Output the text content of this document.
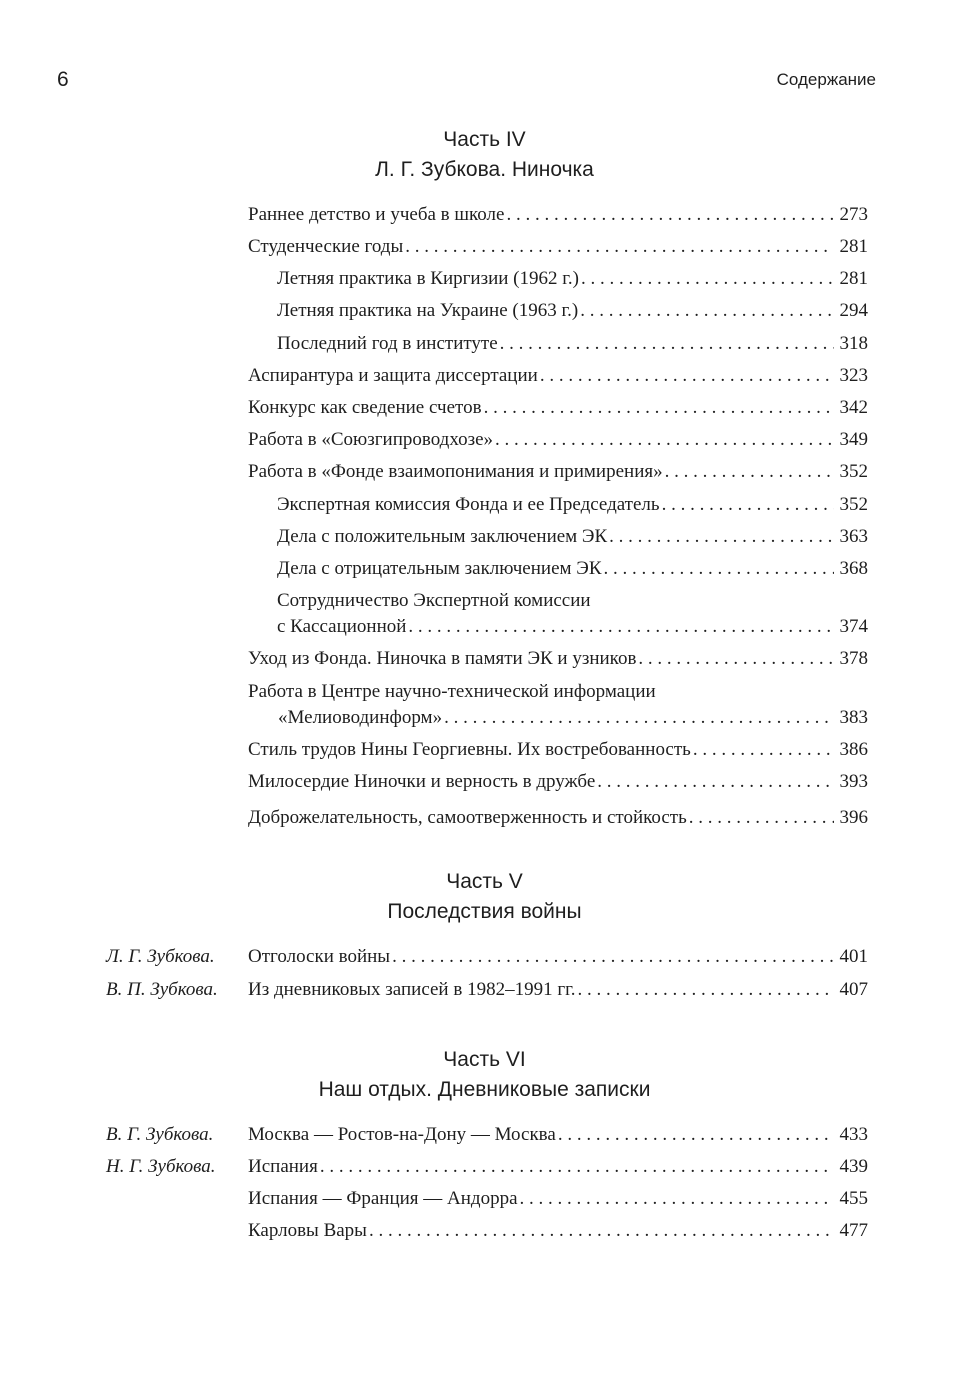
6	Содержание
Часть IV
Л. Г. Зубкова. Ниночка
Раннее детство и учеба в школе . . .	273
Студенческие годы . . .	281
Летняя практика в Киргизии (1962 г.) . . .	281
Летняя практика на Украине (1963 г.) . . .	294
Последний год в институте . . .	318
Аспирантура и защита диссертации . . .	323
Конкурс как сведение счетов . . .	342
Работа в «Союзгипроводхозе» . . .	349
Работа в «Фонде взаимопонимания и примирения» . . .	352
Экспертная комиссия Фонда и ее Председатель . . .	352
Дела с положительным заключением ЭК . . .	363
Дела с отрицательным заключением ЭК . . .	368
Сотрудничество Экспертной комиссии
с Кассационной . . .	374
Уход из Фонда. Ниночка в памяти ЭК и узников . . .	378
Работа в Центре научно-технической информации
«Мелиоводинформ» . . .	383
Стиль трудов Нины Георгиевны. Их востребованность . . .	386
Милосердие Ниночки и верность в дружбе . . .	393
Доброжелательность, самоотверженность и стойкость . . .	396
Часть V
Последствия войны
Л. Г. Зубкова. Отголоски войны . . .	401
В. П. Зубкова. Из дневниковых записей в 1982–1991 гг. . . .	407
Часть VI
Наш отдых. Дневниковые записки
В. Г. Зубкова. Москва — Ростов-на-Дону — Москва . . .	433
Н. Г. Зубкова. Испания . . .	439
Испания — Франция — Андорра . . .	455
Карловы Вары . . .	477
